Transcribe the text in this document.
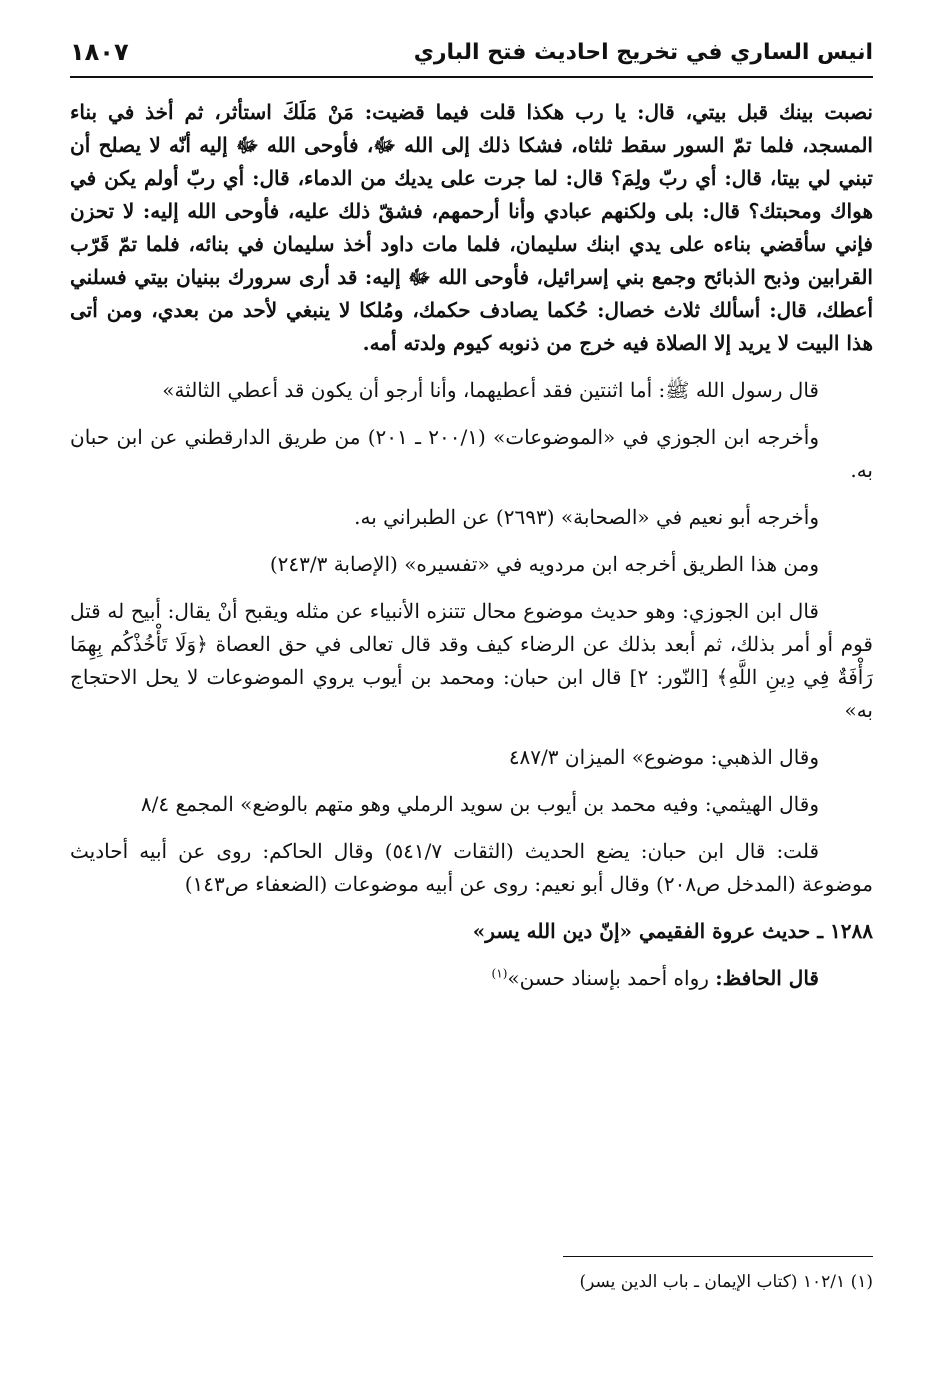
انيس الساري في تخريج احاديث فتح الباري
١٨٠٧

نصبت بينك قبل بيتي، قال: يا رب هكذا قلت فيما قضيت: مَنْ مَلَكَ استأثر، ثم أخذ في بناء المسجد، فلما تمّ السور سقط ثلثاه، فشكا ذلك إلى الله ﷻ، فأوحى الله ﷻ إليه أنّه لا يصلح أن تبني لي بيتا، قال: أي ربّ ولِمَ؟ قال: لما جرت على يديك من الدماء، قال: أي ربّ أولم يكن في هواك ومحبتك؟ قال: بلى ولكنهم عبادي وأنا أرحمهم، فشقّ ذلك عليه، فأوحى الله إليه: لا تحزن فإني سأقضي بناءه على يدي ابنك سليمان، فلما مات داود أخذ سليمان في بنائه، فلما تمّ قَرّب القرابين وذبح الذبائح وجمع بني إسرائيل، فأوحى الله ﷻ إليه: قد أرى سرورك ببنيان بيتي فسلني أعطك، قال: أسألك ثلاث خصال: حُكما يصادف حكمك، ومُلكا لا ينبغي لأحد من بعدي، ومن أتى هذا البيت لا يريد إلا الصلاة فيه خرج من ذنوبه كيوم ولدته أمه.

قال رسول الله ﷺ: أما اثنتين فقد أعطيهما، وأنا أرجو أن يكون قد أعطي الثالثة»

وأخرجه ابن الجوزي في «الموضوعات» (٢٠٠/١ ـ ٢٠١) من طريق الدارقطني عن ابن حبان به.

وأخرجه أبو نعيم في «الصحابة» (٢٦٩٣) عن الطبراني به.

ومن هذا الطريق أخرجه ابن مردويه في «تفسيره» (الإصابة ٢٤٣/٣)

قال ابن الجوزي: وهو حديث موضوع محال تتنزه الأنبياء عن مثله ويقبح أنْ يقال: أبيح له قتل قوم أو أمر بذلك، ثم أبعد بذلك عن الرضاء كيف وقد قال تعالى في حق العصاة ﴿وَلَا تَأْخُذْكُم بِهِمَا رَأْفَةٌ فِي دِينِ اللَّهِ﴾ [النّور: ٢] قال ابن حبان: ومحمد بن أيوب يروي الموضوعات لا يحل الاحتجاج به»

وقال الذهبي: موضوع» الميزان ٤٨٧/٣

وقال الهيثمي: وفيه محمد بن أيوب بن سويد الرملي وهو متهم بالوضع» المجمع ٨/٤

قلت: قال ابن حبان: يضع الحديث (الثقات ٥٤١/٧) وقال الحاكم: روى عن أبيه أحاديث موضوعة (المدخل ص٢٠٨) وقال أبو نعيم: روى عن أبيه موضوعات (الضعفاء ص١٤٣)

١٢٨٨ ـ حديث عروة الفقيمي «إنّ دين الله يسر»

قال الحافظ: رواه أحمد بإسناد حسن»$^{(١)}$

(١) ١٠٢/١ (كتاب الإيمان ـ باب الدين يسر)
